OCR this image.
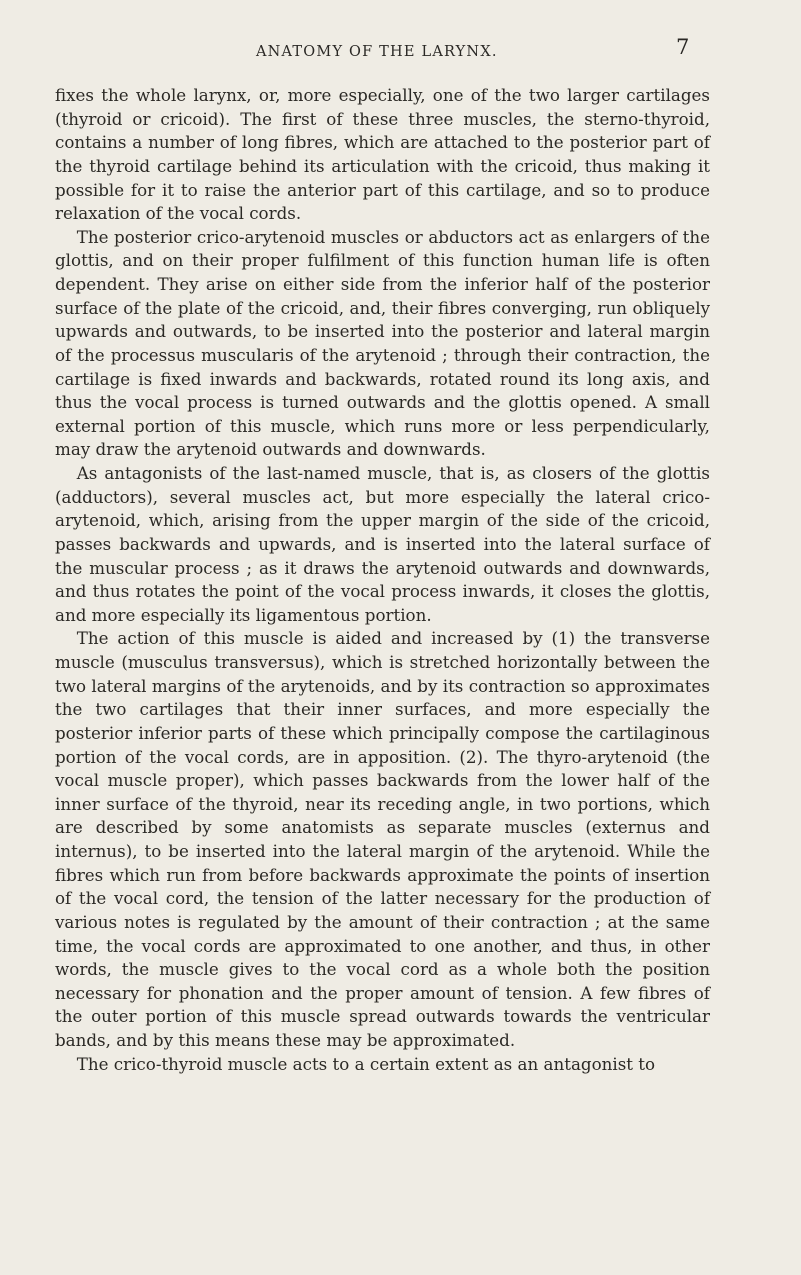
ANATOMY OF THE LARYNX.	7

fixes the whole larynx, or, more especially, one of the two larger cartilages (thyroid or cricoid). The first of these three muscles, the sterno-thyroid, contains a number of long fibres, which are attached to the posterior part of the thyroid cartilage behind its articulation with the cricoid, thus making it possible for it to raise the anterior part of this cartilage, and so to produce relaxation of the vocal cords.

The posterior crico-arytenoid muscles or abductors act as enlargers of the glottis, and on their proper fulfilment of this function human life is often dependent. They arise on either side from the inferior half of the posterior surface of the plate of the cricoid, and, their fibres converging, run obliquely upwards and outwards, to be inserted into the posterior and lateral margin of the processus muscularis of the arytenoid ; through their contraction, the cartilage is fixed inwards and backwards, rotated round its long axis, and thus the vocal process is turned outwards and the glottis opened. A small external portion of this muscle, which runs more or less perpendicularly, may draw the arytenoid outwards and downwards.

As antagonists of the last-named muscle, that is, as closers of the glottis (adductors), several muscles act, but more especially the lateral crico-arytenoid, which, arising from the upper margin of the side of the cricoid, passes backwards and upwards, and is inserted into the lateral surface of the muscular process ; as it draws the arytenoid outwards and downwards, and thus rotates the point of the vocal process inwards, it closes the glottis, and more especially its ligamentous portion.

The action of this muscle is aided and increased by (1) the transverse muscle (musculus transversus), which is stretched horizontally between the two lateral margins of the arytenoids, and by its contraction so approximates the two cartilages that their inner surfaces, and more especially the posterior inferior parts of these which principally compose the cartilaginous portion of the vocal cords, are in apposition. (2). The thyro-arytenoid (the vocal muscle proper), which passes backwards from the lower half of the inner surface of the thyroid, near its receding angle, in two portions, which are described by some anatomists as separate muscles (externus and internus), to be inserted into the lateral margin of the arytenoid. While the fibres which run from before backwards approximate the points of insertion of the vocal cord, the tension of the latter necessary for the production of various notes is regulated by the amount of their contraction ; at the same time, the vocal cords are approximated to one another, and thus, in other words, the muscle gives to the vocal cord as a whole both the position necessary for phonation and the proper amount of tension. A few fibres of the outer portion of this muscle spread outwards towards the ventricular bands, and by this means these may be approximated.

The crico-thyroid muscle acts to a certain extent as an antagonist to
